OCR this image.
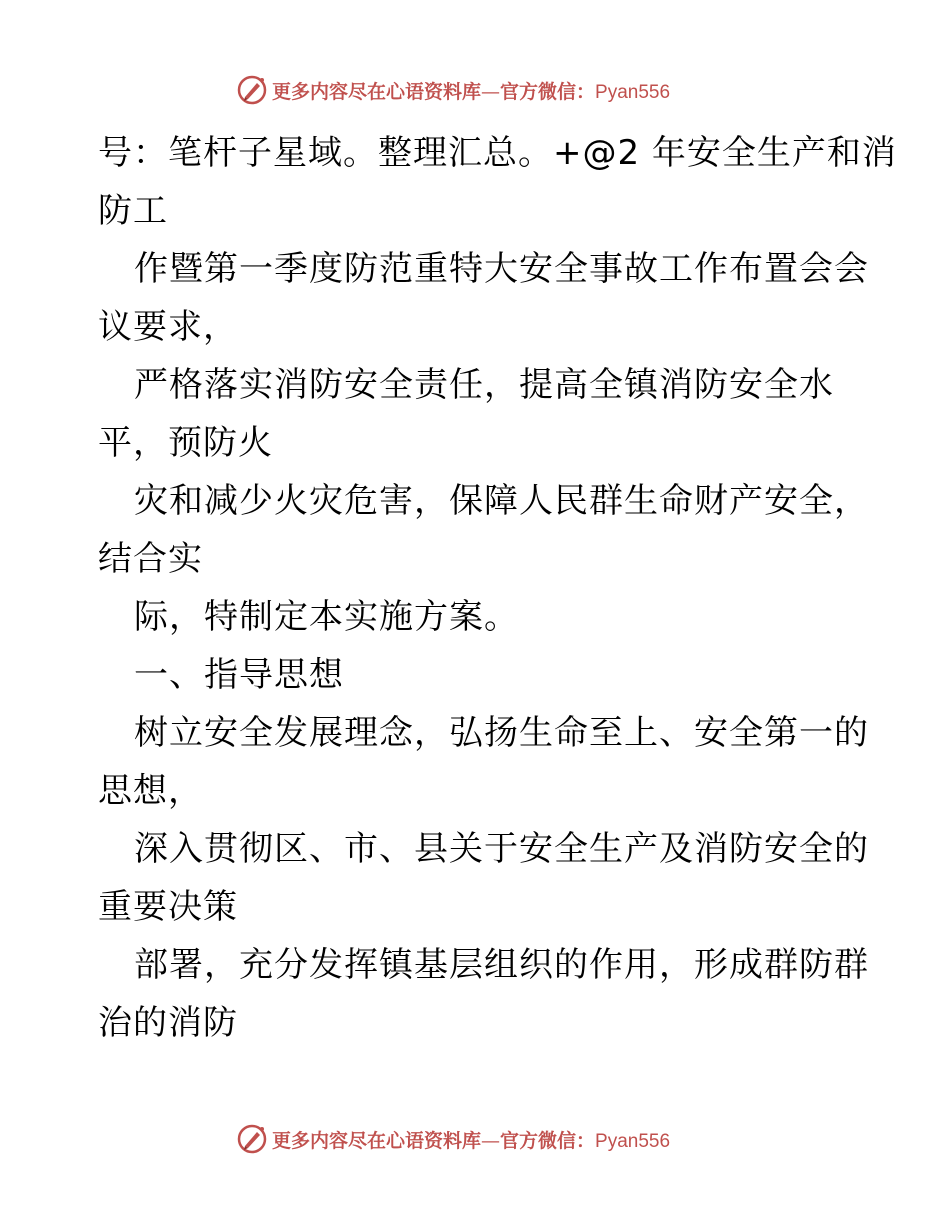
更多内容尽在心语资料库—官方微信：Pyan556
号：笔杆子星域。整理汇总。+@2 年安全生产和消
防工
作暨第一季度防范重特大安全事故工作布置会会
议要求，
严格落实消防安全责任，提高全镇消防安全水
平，预防火
灾和减少火灾危害，保障人民群生命财产安全，
结合实
际，特制定本实施方案。
一、指导思想
树立安全发展理念，弘扬生命至上、安全第一的
思想，
深入贯彻区、市、县关于安全生产及消防安全的
重要决策
部署，充分发挥镇基层组织的作用，形成群防群
治的消防
更多内容尽在心语资料库—官方微信：Pyan556
